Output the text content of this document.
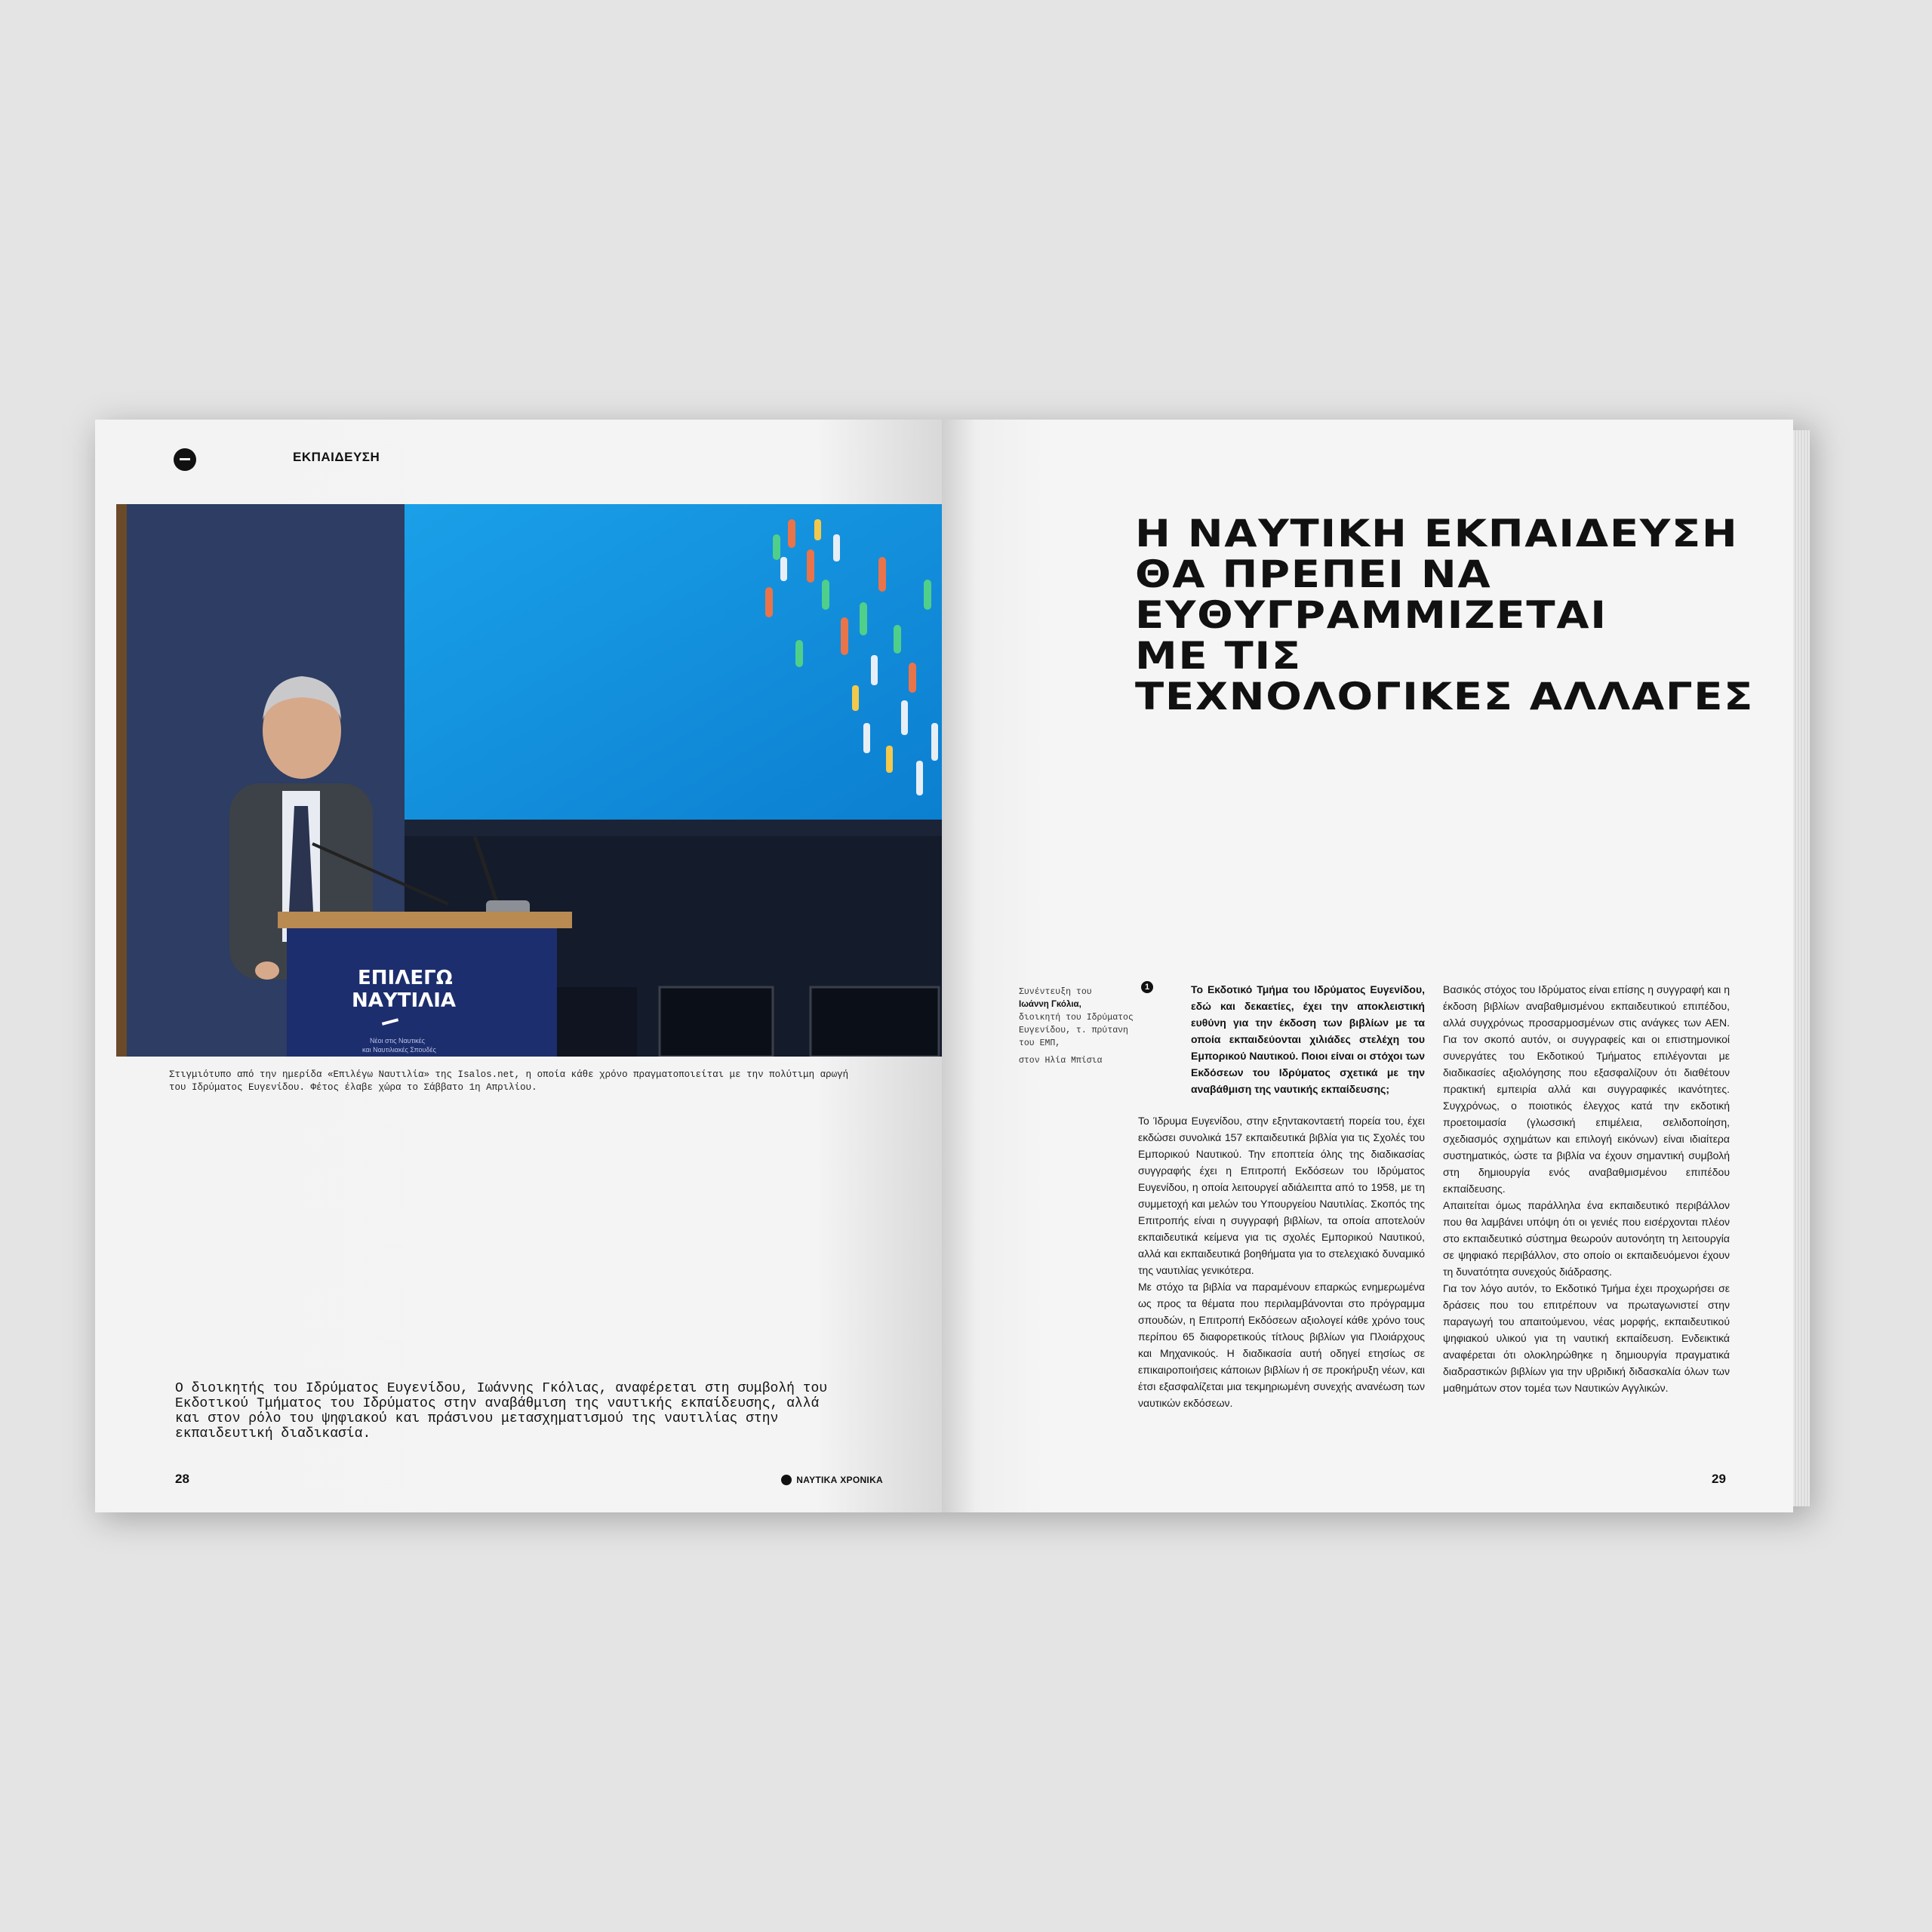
ΕΚΠΑΙΔΕΥΣΗ
ΕΠΙΛΕΓΩ
ΝΑΥΤΙΛΙΑ
Νέοι στις Ναυτικές
και Ναυτιλιακές Σπουδές
Στιγμιότυπο από την ημερίδα «Επιλέγω Ναυτιλία» της Isalos.net, η οποία κάθε χρόνο πραγματοποιείται με την πολύτιμη αρωγή
του Ιδρύματος Ευγενίδου. Φέτος έλαβε χώρα το Σάββατο 1η Απριλίου.
Ο διοικητής του Ιδρύματος Ευγενίδου, Ιωάννης Γκόλιας, αναφέρεται στη συμβολή του Εκδοτικού Τμήματος του Ιδρύματος στην αναβάθμιση της ναυτικής εκπαίδευσης, αλλά και στον ρόλο του ψηφιακού και πράσινου μετασχηματισμού της ναυτιλίας στην εκπαιδευτική διαδικασία.
28	ΝΑΥΤΙΚΑ ΧΡΟΝΙΚΑ
Η ΝΑΥΤΙΚΗ ΕΚΠΑΙΔΕΥΣΗ
ΘΑ ΠΡΕΠΕΙ ΝΑ
ΕΥΘΥΓΡΑΜΜΙΖΕΤΑΙ
ΜΕ ΤΙΣ
ΤΕΧΝΟΛΟΓΙΚΕΣ ΑΛΛΑΓΕΣ
Συνέντευξη του
Ιωάννη Γκόλια,
διοικητή του Ιδρύματος Ευγενίδου, τ. πρύτανη του ΕΜΠ,
στον Ηλία Μπίσια
1	Το Εκδοτικό Τμήμα του Ιδρύματος Ευγενίδου, εδώ και δεκαετίες, έχει την αποκλειστική ευθύνη για την έκδοση των βιβλίων με τα οποία εκπαιδεύονται χιλιάδες στελέχη του Εμπορικού Ναυτικού. Ποιοι είναι οι στόχοι των Εκδόσεων του Ιδρύματος σχετικά με την αναβάθμιση της ναυτικής εκπαίδευσης;

Το Ίδρυμα Ευγενίδου, στην εξηντακονταετή πορεία του, έχει εκδώσει συνολικά 157 εκπαιδευτικά βιβλία για τις Σχολές του Εμπορικού Ναυτικού. Την εποπτεία όλης της διαδικασίας συγγραφής έχει η Επιτροπή Εκδόσεων του Ιδρύματος Ευγενίδου, η οποία λειτουργεί αδιάλειπτα από το 1958, με τη συμμετοχή και μελών του Υπουργείου Ναυτιλίας. Σκοπός της Επιτροπής είναι η συγγραφή βιβλίων, τα οποία αποτελούν εκπαιδευτικά κείμενα για τις σχολές Εμπορικού Ναυτικού, αλλά και εκπαιδευτικά βοηθήματα για το στελεχιακό δυναμικό της ναυτιλίας γενικότερα.

Με στόχο τα βιβλία να παραμένουν επαρκώς ενημερωμένα ως προς τα θέματα που περιλαμβάνονται στο πρόγραμμα σπουδών, η Επιτροπή Εκδόσεων αξιολογεί κάθε χρόνο τους περίπου 65 διαφορετικούς τίτλους βιβλίων για Πλοιάρχους και Μηχανικούς. Η διαδικασία αυτή οδηγεί ετησίως σε επικαιροποιήσεις κάποιων βιβλίων ή σε προκήρυξη νέων, και έτσι εξασφαλίζεται μια τεκμηριωμένη συνεχής ανανέωση των ναυτικών εκδόσεων.

Βασικός στόχος του Ιδρύματος είναι επίσης η συγγραφή και η έκδοση βιβλίων αναβαθμισμένου εκπαιδευτικού επιπέδου, αλλά συγχρόνως προσαρμοσμένων στις ανάγκες των ΑΕΝ. Για τον σκοπό αυτόν, οι συγγραφείς και οι επιστημονικοί συνεργάτες του Εκδοτικού Τμήματος επιλέγονται με διαδικασίες αξιολόγησης που εξασφαλίζουν ότι διαθέτουν πρακτική εμπειρία αλλά και συγγραφικές ικανότητες. Συγχρόνως, ο ποιοτικός έλεγχος κατά την εκδοτική προετοιμασία (γλωσσική επιμέλεια, σελιδοποίηση, σχεδιασμός σχημάτων και επιλογή εικόνων) είναι ιδιαίτερα συστηματικός, ώστε τα βιβλία να έχουν σημαντική συμβολή στη δημιουργία ενός αναβαθμισμένου επιπέδου εκπαίδευσης.

Απαιτείται όμως παράλληλα ένα εκπαιδευτικό περιβάλλον που θα λαμβάνει υπόψη ότι οι γενιές που εισέρχονται πλέον στο εκπαιδευτικό σύστημα θεωρούν αυτονόητη τη λειτουργία σε ψηφιακό περιβάλλον, στο οποίο οι εκπαιδευόμενοι έχουν τη δυνατότητα συνεχούς διάδρασης.

Για τον λόγο αυτόν, το Εκδοτικό Τμήμα έχει προχωρήσει σε δράσεις που του επιτρέπουν να πρωταγωνιστεί στην παραγωγή του απαιτούμενου, νέας μορφής, εκπαιδευτικού ψηφιακού υλικού για τη ναυτική εκπαίδευση. Ενδεικτικά αναφέρεται ότι ολοκληρώθηκε η δημιουργία πραγματικά διαδραστικών βιβλίων για την υβριδική διδασκαλία όλων των μαθημάτων στον τομέα των Ναυτικών Αγγλικών.

29
